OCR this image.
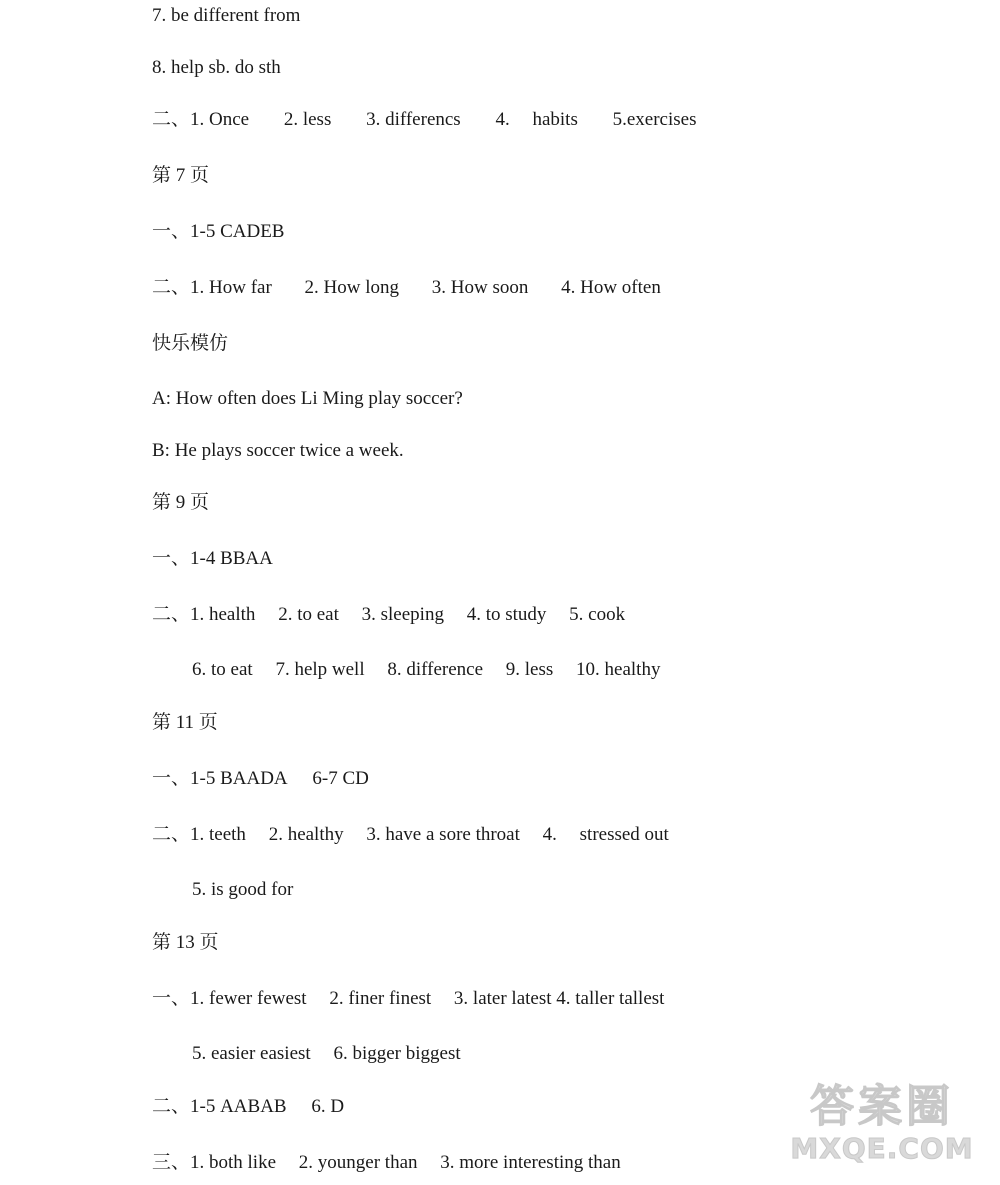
7. be different from
8. help sb. do sth
二、1. Once 2. less 3. differencs 4. habits 5.exercises
第 7 页
一、1-5 CADEB
二、1. How far 2. How long 3. How soon 4. How often
快乐模仿
A: How often does Li Ming play soccer?
B: He plays soccer twice a week.
第 9 页
一、1-4 BBAA
二、1. health 2. to eat 3. sleeping 4. to study 5. cook
6. to eat 7. help well 8. difference 9. less 10. healthy
第 11 页
一、1-5 BAADA 6-7 CD
二、1. teeth 2. healthy 3. have a sore throat 4. stressed out
5. is good for
第 13 页
一、1. fewer fewest 2. finer finest 3. later latest 4. taller tallest
5. easier easiest 6. bigger biggest
二、1-5 AABAB 6. D
三、1. both like 2. younger than 3. more interesting than
答案圈
MXQE.COM
